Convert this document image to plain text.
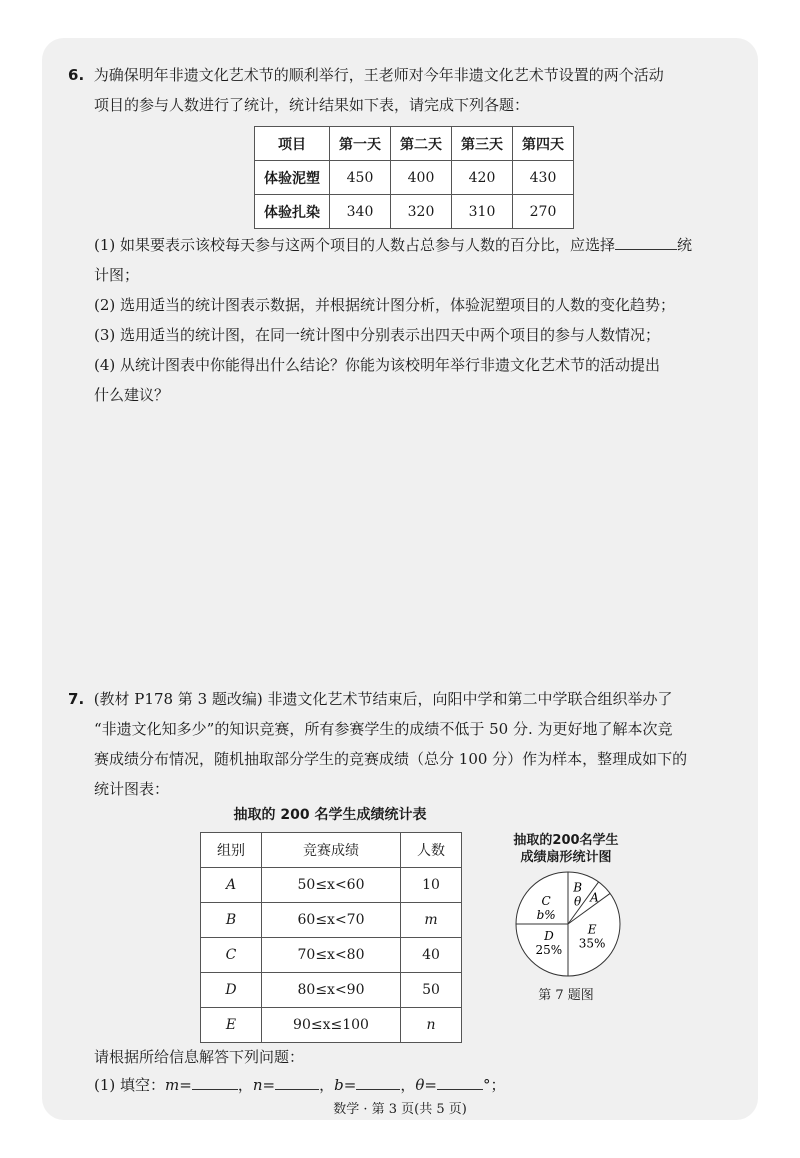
6. 为确保明年非遗文化艺术节的顺利举行，王老师对今年非遗文化艺术节设置的两个活动
项目的参与人数进行了统计，统计结果如下表，请完成下列各题：
项目	第一天	第二天	第三天	第四天
体验泥塑	450	400	420	430
体验扎染	340	320	310	270
(1) 如果要表示该校每天参与这两个项目的人数占总参与人数的百分比，应选择	统
计图；
(2) 选用适当的统计图表示数据，并根据统计图分析，体验泥塑项目的人数的变化趋势；
(3) 选用适当的统计图，在同一统计图中分别表示出四天中两个项目的参与人数情况；
(4) 从统计图表中你能得出什么结论？你能为该校明年举行非遗文化艺术节的活动提出
什么建议？
7. (教材 P178 第 3 题改编) 非遗文化艺术节结束后，向阳中学和第二中学联合组织举办了
“非遗文化知多少”的知识竞赛，所有参赛学生的成绩不低于 50 分. 为更好地了解本次竞
赛成绩分布情况，随机抽取部分学生的竞赛成绩（总分 100 分）作为样本，整理成如下的
统计图表：
抽取的 200 名学生成绩统计表
组别	竞赛成绩	人数
A	50≤x<60	10
B	60≤x<70	m
C	70≤x<80	40
D	80≤x<90	50
E	90≤x≤100	n
抽取的200名学生
成绩扇形统计图
B
θ A
E
35%
D
25%
C
b%
第 7 题图
请根据所给信息解答下列问题：
(1) 填空：m=	，n=	，b=	，θ=	°；
数学 · 第 3 页(共 5 页)
